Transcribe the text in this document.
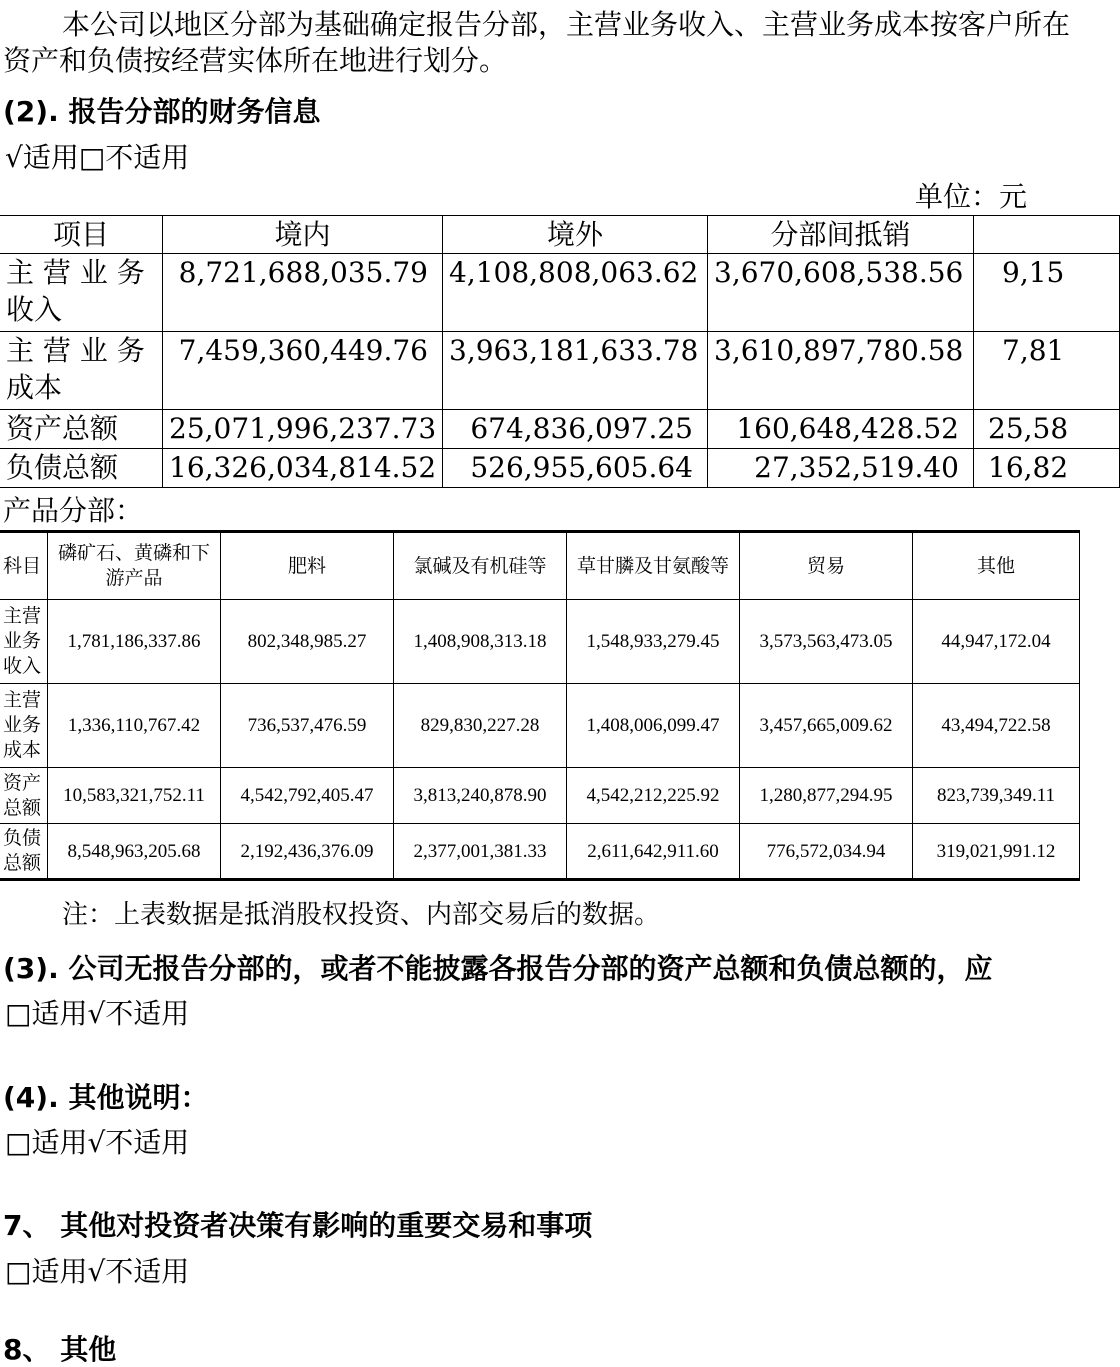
本公司以地区分部为基础确定报告分部，主营业务收入、主营业务成本按客户所在
资产和负债按经营实体所在地进行划分。
(2). 报告分部的财务信息
√适用□不适用
单位：元
项目	境内	境外	分部间抵销	

主 营 业 务
收入	8,721,688,035.79	4,108,808,063.62	3,670,608,538.56	9,15

主 营 业 务
成本	7,459,360,449.76	3,963,181,633.78	3,610,897,780.58	7,81
资产总额	25,071,996,237.73	674,836,097.25	160,648,428.52	25,58
负债总额	16,326,034,814.52	526,955,605.64	27,352,519.40	16,82
产品分部：
科目	磷矿石、黄磷和下游产品	肥料	氯碱及有机硅等	草甘膦及甘氨酸等	贸易	其他
主营业务收入	1,781,186,337.86	802,348,985.27	1,408,908,313.18	1,548,933,279.45	3,573,563,473.05	44,947,172.04
主营业务成本	1,336,110,767.42	736,537,476.59	829,830,227.28	1,408,006,099.47	3,457,665,009.62	43,494,722.58
资产总额	10,583,321,752.11	4,542,792,405.47	3,813,240,878.90	4,542,212,225.92	1,280,877,294.95	823,739,349.11
负债总额	8,548,963,205.68	2,192,436,376.09	2,377,001,381.33	2,611,642,911.60	776,572,034.94	319,021,991.12
注：上表数据是抵消股权投资、内部交易后的数据。
(3). 公司无报告分部的，或者不能披露各报告分部的资产总额和负债总额的，应
□适用√不适用
(4). 其他说明：
□适用√不适用
7、 其他对投资者决策有影响的重要交易和事项
□适用√不适用
8、 其他
